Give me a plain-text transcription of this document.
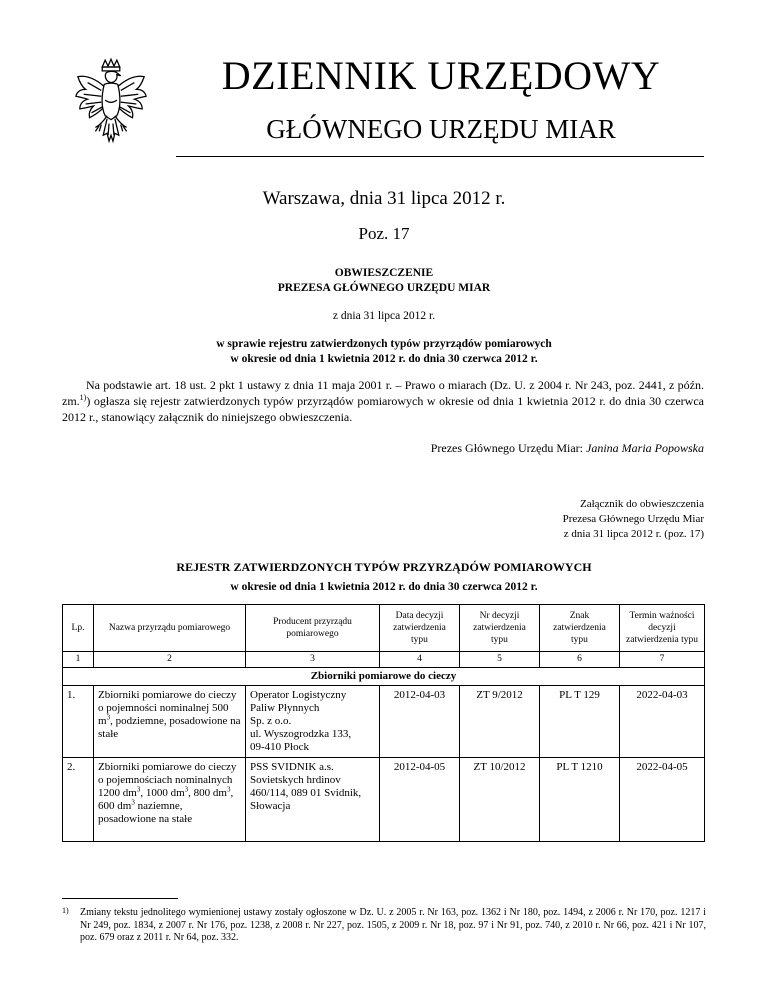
DZIENNIK URZĘDOWY
GŁÓWNEGO URZĘDU MIAR
Warszawa, dnia 31 lipca 2012 r.
Poz. 17
OBWIESZCZENIE
PREZESA GŁÓWNEGO URZĘDU MIAR
z dnia 31 lipca 2012 r.
w sprawie rejestru zatwierdzonych typów przyrządów pomiarowych
w okresie od dnia 1 kwietnia 2012 r. do dnia 30 czerwca 2012 r.
Na podstawie art. 18 ust. 2 pkt 1 ustawy z dnia 11 maja 2001 r. – Prawo o miarach (Dz. U. z 2004 r. Nr 243, poz. 2441, z późn. zm.$^{1)}$) ogłasza się rejestr zatwierdzonych typów przyrządów pomiarowych w okresie od dnia 1 kwietnia 2012 r. do dnia 30 czerwca 2012 r., stanowiący załącznik do niniejszego obwieszczenia.
Prezes Głównego Urzędu Miar: Janina Maria Popowska
Załącznik do obwieszczenia
Prezesa Głównego Urzędu Miar
z dnia 31 lipca 2012 r. (poz. 17)
REJESTR ZATWIERDZONYCH TYPÓW PRZYRZĄDÓW POMIAROWYCH
w okresie od dnia 1 kwietnia 2012 r. do dnia 30 czerwca 2012 r.
Lp.	Nazwa przyrządu pomiarowego	Producent przyrządu pomiarowego	Data decyzji zatwierdzenia typu	Nr decyzji zatwierdzenia typu	Znak zatwierdzenia typu	Termin ważności decyzji zatwierdzenia typu
1	2	3	4	5	6	7
Zbiorniki pomiarowe do cieczy						
1.	Zbiorniki pomiarowe do cieczy o pojemności nominalnej 500 $m^3$, podziemne, posadowione na stałe	Operator Logistyczny
Paliw Płynnych
Sp. z o.o.
ul. Wyszogrodzka 133,
09-410 Płock	2012-04-03	ZT 9/2012	PL T 129	2022-04-03
2.	Zbiorniki pomiarowe do cieczy o pojemnościach nominalnych 1200 $dm^3$, 1000 $dm^3$, 800 $dm^3$, 600 $dm^3$ naziemne, posadowione na stałe	PSS SVIDNIK a.s.
Sovietskych hrdinov
460/114, 089 01 Svidnik,
Słowacja	2012-04-05	ZT 10/2012	PL T 1210	2022-04-05
1) Zmiany tekstu jednolitego wymienionej ustawy zostały ogłoszone w Dz. U. z 2005 r. Nr 163, poz. 1362 i Nr 180, poz. 1494, z 2006 r. Nr 170, poz. 1217 i Nr 249, poz. 1834, z 2007 r. Nr 176, poz. 1238, z 2008 r. Nr 227, poz. 1505, z 2009 r. Nr 18, poz. 97 i Nr 91, poz. 740, z 2010 r. Nr 66, poz. 421 i Nr 107, poz. 679 oraz z 2011 r. Nr 64, poz. 332.
